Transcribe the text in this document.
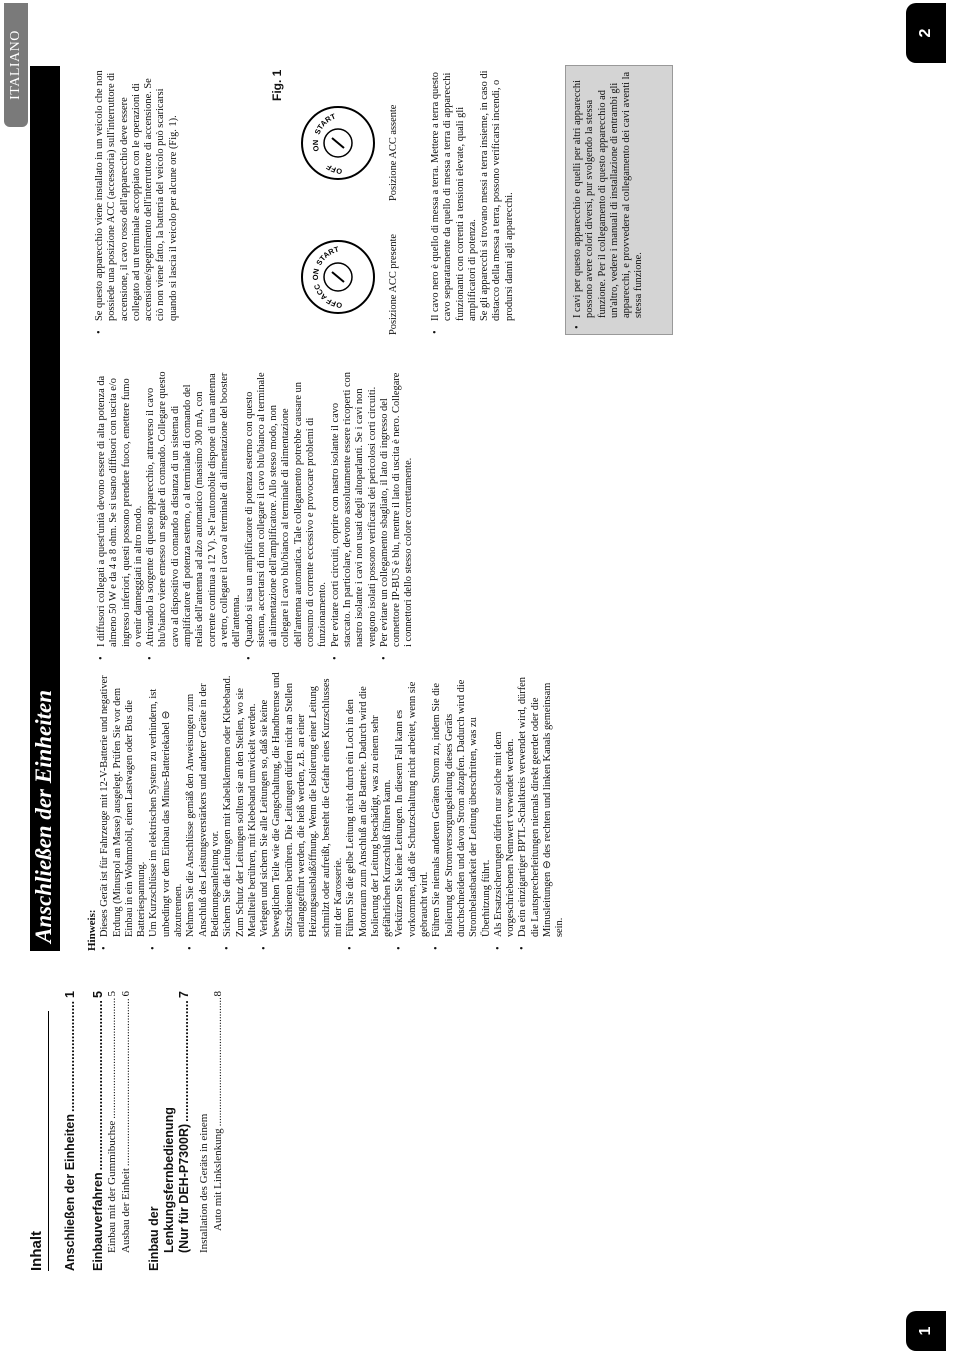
1
2
ITALIANO
Inhalt	Anschließen der Einheiten
.....
1
Einbauverfahren
.....
5
Einbau mit der Gummibuchse
.....
5
Ausbau der Einheit
.....
6
Einbau der Lenkungsfernbedienung (Nur für DEH-P7300R)
.....
7
Installation des Geräts in einem Auto mit Linkslenkung
.....
8
Anschließen der Einheiten	Hinweis: • Dieses Gerät ist für Fahrzeuge mit 12-V-Batterie und negativer Erdung (Minuspol an Masse) ausgelegt. Prüfen Sie vor dem Einbau in ein Wohnmobil, einen Lastwagen oder Bus die Batteriespannung. • Um Kurzschlüsse im elektrischen System zu verhindern, ist unbedingt vor dem Einbau das Minus-Batteriekabel ⊖ abzutrennen. • Nehmen Sie die Anschlüsse gemäß den Anweisungen zum Anschluß des Leistungsverstärkers und anderer Geräte in der Bedienungsanleitung vor. • Sichern Sie die Leitungen mit Kabelklemmen oder Klebeband. Zum Schutz der Leitungen sollten sie an den Stellen, wo sie Metallteile berühren, mit Klebeband umwickelt werden. • Verlegen und sichern Sie alle Leitungen so, daß sie keine beweglichen Teile wie die Gangschaltung, die Handbremse und Sitzschienen berühren. Die Leitungen dürfen nicht an Stellen entlanggeführt werden, die heiß werden, z.B. an einer Heizungsausblaßöffnung. Wenn die Isolierung einer Leitung schmilzt oder aufreißt, besteht die Gefahr eines Kurzschlusses mit der Karosserie. • Führen Sie die gelbe Leitung nicht durch ein Loch in den Motorraum zum Anschluß an die Batterie. Dadurch wird die Isolierung der Leitung beschädigt, was zu einem sehr gefährlichen Kurzschluß führen kann. • Verkürzen Sie keine Leitungen. In diesem Fall kann es vorkommen, daß die Schutzschaltung nicht arbeitet, wenn sie gebraucht wird. • Führen Sie niemals anderen Geräten Strom zu, indem Sie die Isolierung der Stromversorgungsleitung dieses Geräts durchschneiden und davon Strom abzapfen. Dadurch wird die Strombelastbarkeit der Leitung überschritten, was zu Überhitzung führt. • Als Ersatzsicherungen dürfen nur solche mit dem vorgeschriebenen Nennwert verwendet werden. • Da ein einzigartiger BPTL-Schaltkreis verwendet wird, dürfen die Lautsprecherleitungen niemals direkt geerdet oder die Minusleitungen ⊖ des rechten und linken Kanals gemeinsam sein.
• I diffusori collegati a quest'unità devono essere di alta potenza da almeno 50 W e da 4 a 8 ohm. Se si usano diffusori con uscita e/o ingresso inferiori, questi possono prendere fuoco, emettere fumo o venir danneggiati in altro modo. • Attivando la sorgente di questo apparecchio, attraverso il cavo blu/bianco viene emesso un segnale di comando. Collegare questo cavo al dispositivo di comando a distanza di un sistema di amplificatore di potenza esterno, o al terminale di comando del relais dell'antenna ad alzo automatico (massimo 300 mA, con corrente continua a 12 V). Se l'automobile dispone di una antenna a vetro, collegare il cavo al terminale di alimentazione del booster dell'antenna. • Quando si usa un amplificatore di potenza esterno con questo sistema, accertarsi di non collegare il cavo blu/bianco al terminale di alimentazione dell'amplificatore. Allo stesso modo, non collegare il cavo blu/bianco al terminale di alimentazione dell'antenna automatica. Tale collegamento potrebbe causare un consumo di corrente eccessivo e provocare problemi di funzionamento. • Per evitare corti circuiti, coprire con nastro isolante il cavo staccato. In particolare, devono assolutamente essere ricoperti con nastro isolante i cavi non usati degli altoparlanti. Se i cavi non vengono isolati possono verificarsi dei pericolosi corti circuiti. • Per evitare un collegamento sbagliato, il lato di ingresso del connettore IP-BUS è blu, mentre il lato di uscita è nero. Collegare i connettori dello stesso colore correttamente.
• Se questo apparecchio viene installato in un veicolo che non possiede una posizione ACC (accessoria) sull'interruttore di accensione, il cavo rosso dell'apparecchio deve essere collegato ad un terminale accoppiato con le operazioni di accensione/spegnimento dell'interruttore di accensione. Se ciò non viene fatto, la batteria del veicolo può scaricarsi quando si lascia il veicolo per alcune ore (Fig. 1).
Fig. 1
OFF
ACC
ON
START	Posizione ACC presente
OFF
ON
START	Posizione ACC assente
• Il cavo nero è quello di messa a terra. Mettere a terra questo cavo separatamente da quello di messa a terra di apparecchi funzionanti con correnti a tensioni elevate, quali gli amplificatori di potenza.
Se gli apparecchi si trovano messi a terra insieme, in caso di distacco della messa a terra, possono verificarsi incendi, o prodursi danni agli apparecchi.	• I cavi per questo apparecchio e quelli per altri apparecchi possono avere colori diversi, pur svolgendo la stessa funzione. Per il collegamento di questo apparecchio ad un'altro, vedere i manuali di installazione di entrambi gli apparecchi, e provvedere al collegamento dei cavi aventi la stessa funzione.
